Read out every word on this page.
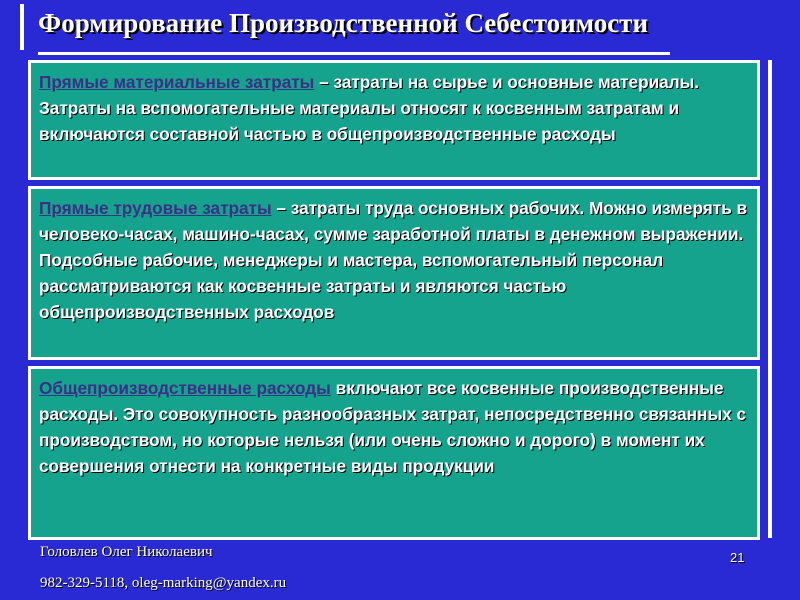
Формирование Производственной Себестоимости
Прямые материальные затраты – затраты на сырье и основные материалы. Затраты на вспомогательные материалы относят к косвенным затратам и включаются составной частью в общепроизводственные расходы
Прямые трудовые затраты – затраты труда основных рабочих. Можно измерять в человеко-часах, машино-часах, сумме заработной платы в денежном выражении. Подсобные рабочие, менеджеры и мастера, вспомогательный персонал рассматриваются как косвенные затраты и являются частью общепроизводственных расходов
Общепроизводственные расходы включают все косвенные производственные расходы. Это совокупность разнообразных затрат, непосредственно связанных с производством, но которые нельзя (или очень сложно и дорого) в момент их совершения отнести на конкретные виды продукции
Головлев Олег Николаевич
982-329-5118, oleg-marking@yandex.ru
21
